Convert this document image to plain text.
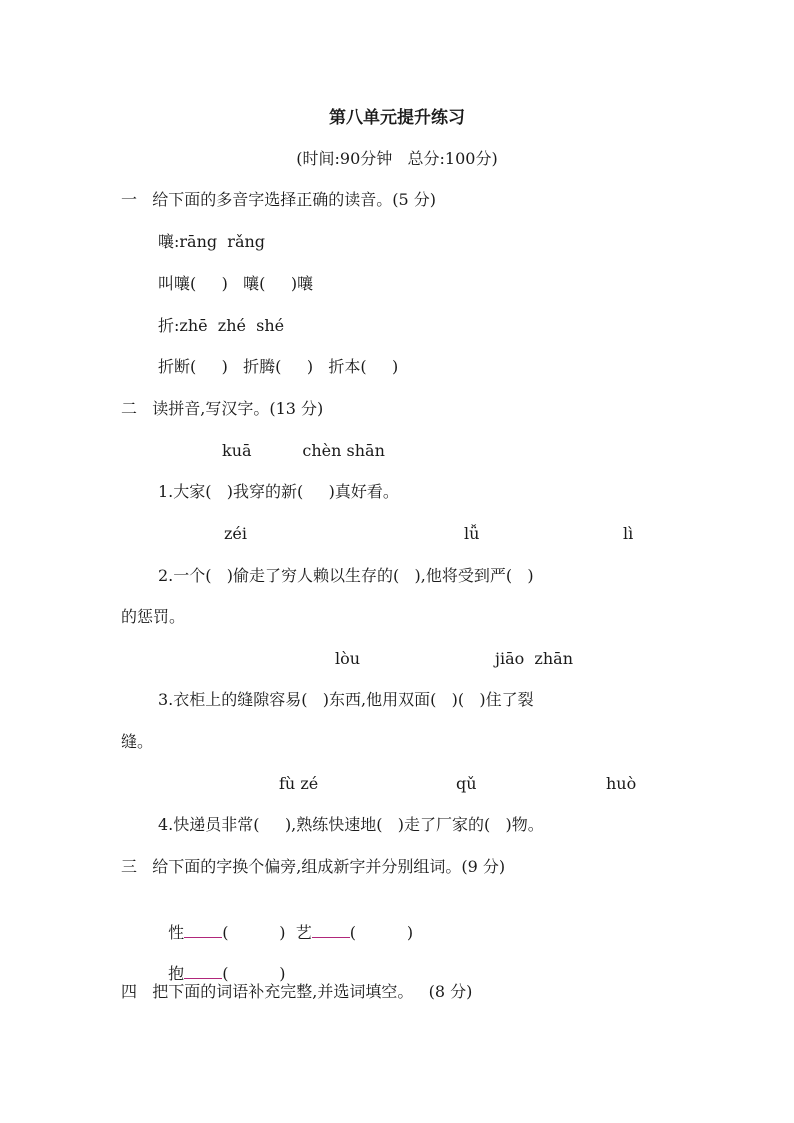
第八单元提升练习
(时间:90分钟   总分:100分)
一   给下面的多音字选择正确的读音。(5 分)
嚷:rāng  rǎng
叫嚷(     )   嚷(     )嚷
折:zhē  zhé  shé
折断(     )   折腾(     )   折本(     )
二   读拼音,写汉字。(13 分)
kuā          chèn shān
1.大家(   )我穿的新(     )真好看。
zéi	lǚ	lì
2.一个(   )偷走了穷人赖以生存的(   ),他将受到严(   )
的惩罚。
lòu	jiāo  zhān
3.衣柜上的缝隙容易(   )东西,他用双面(   )(   )住了裂
缝。
fù zé	qǔ	huò
4.快递员非常(     ),熟练快速地(   )走了厂家的(   )物。
三   给下面的字换个偏旁,组成新字并分别组词。(9 分)

性 (          ) 艺 (          )

抱 (          )

四   把下面的词语补充完整,并选词填空。   (8 分)
